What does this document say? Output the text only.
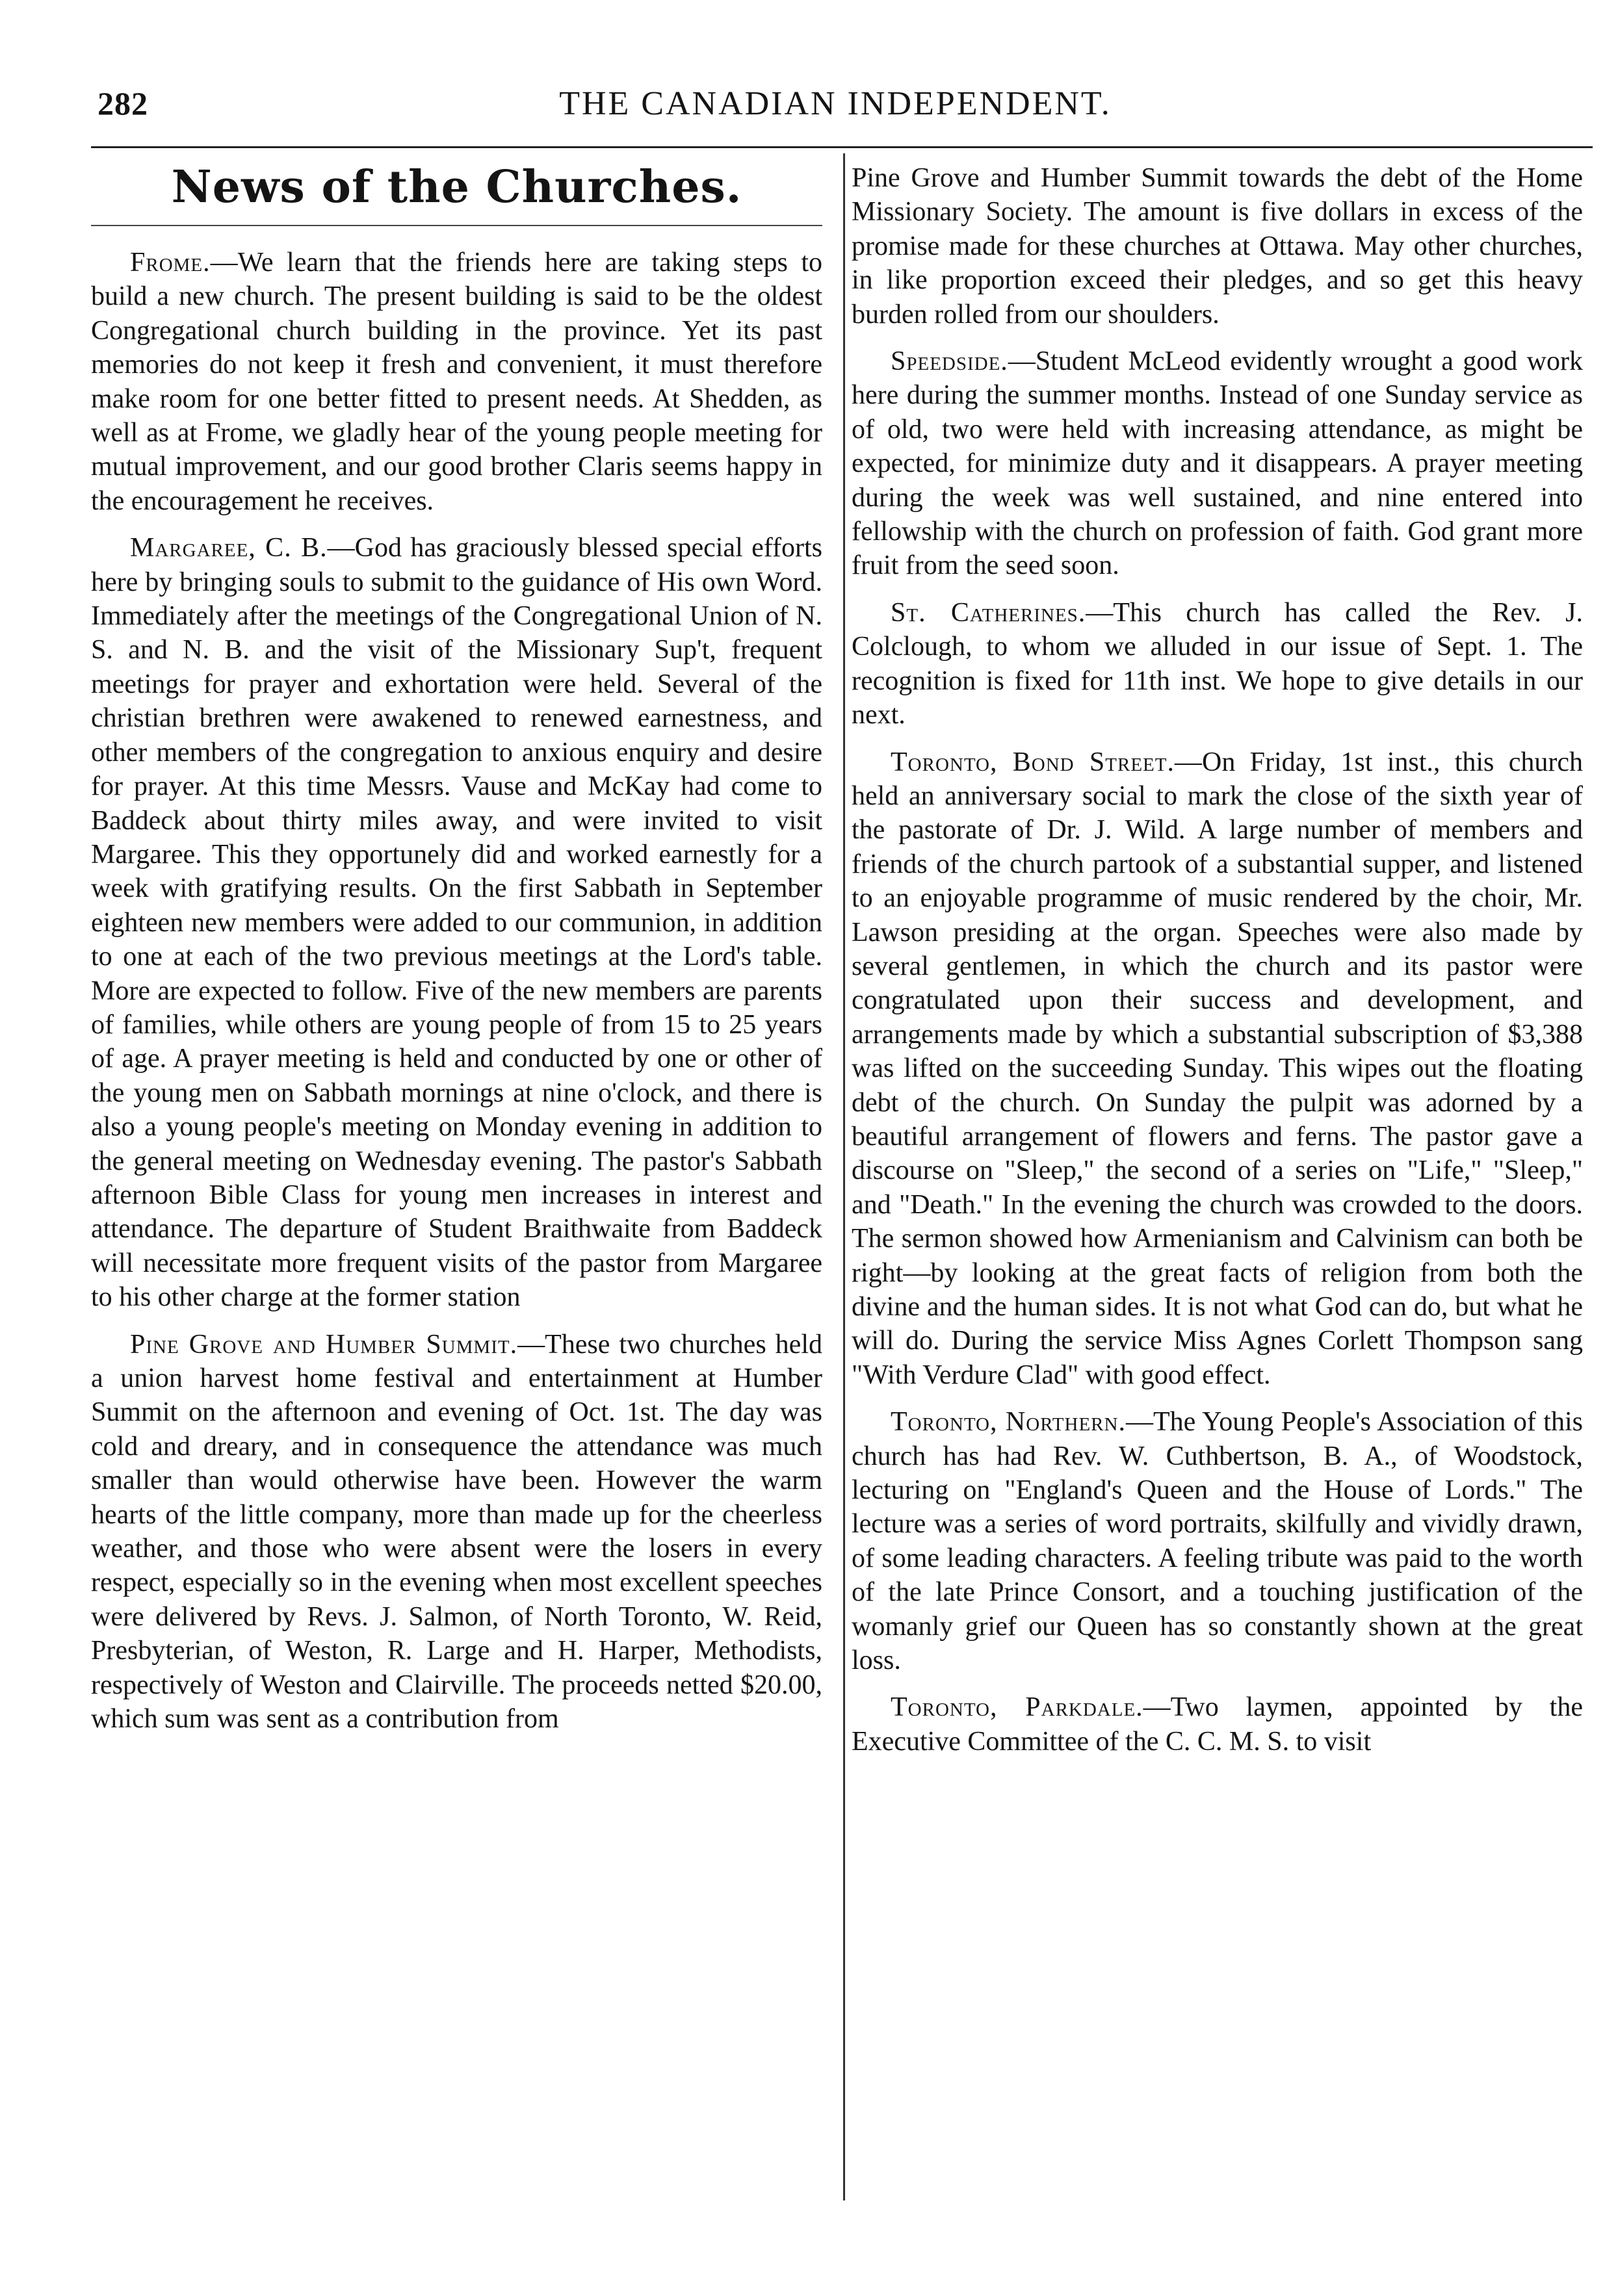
282	THE CANADIAN INDEPENDENT.
News of the Churches.

Frome.—We learn that the friends here are taking steps to build a new church. The present building is said to be the oldest Congregational church building in the province. Yet its past memories do not keep it fresh and convenient, it must therefore make room for one better fitted to present needs. At Shedden, as well as at Frome, we gladly hear of the young people meeting for mutual improvement, and our good brother Claris seems happy in the encouragement he receives.

Margaree, C. B.—God has graciously blessed special efforts here by bringing souls to submit to the guidance of His own Word. Immediately after the meetings of the Congregational Union of N. S. and N. B. and the visit of the Missionary Sup't, frequent meetings for prayer and exhortation were held. Several of the christian brethren were awakened to renewed earnestness, and other members of the congregation to anxious enquiry and desire for prayer. At this time Messrs. Vause and McKay had come to Baddeck about thirty miles away, and were invited to visit Margaree. This they opportunely did and worked earnestly for a week with gratifying results. On the first Sabbath in September eighteen new members were added to our communion, in addition to one at each of the two previous meetings at the Lord's table. More are expected to follow. Five of the new members are parents of families, while others are young people of from 15 to 25 years of age. A prayer meeting is held and conducted by one or other of the young men on Sabbath mornings at nine o'clock, and there is also a young people's meeting on Monday evening in addition to the general meeting on Wednesday evening. The pastor's Sabbath afternoon Bible Class for young men increases in interest and attendance. The departure of Student Braithwaite from Baddeck will necessitate more frequent visits of the pastor from Margaree to his other charge at the former station

Pine Grove and Humber Summit.—These two churches held a union harvest home festival and entertainment at Humber Summit on the afternoon and evening of Oct. 1st. The day was cold and dreary, and in consequence the attendance was much smaller than would otherwise have been. However the warm hearts of the little company, more than made up for the cheerless weather, and those who were absent were the losers in every respect, especially so in the evening when most excellent speeches were delivered by Revs. J. Salmon, of North Toronto, W. Reid, Presbyterian, of Weston, R. Large and H. Harper, Methodists, respectively of Weston and Clairville. The proceeds netted $20.00, which sum was sent as a contribution from

Pine Grove and Humber Summit towards the debt of the Home Missionary Society. The amount is five dollars in excess of the promise made for these churches at Ottawa. May other churches, in like proportion exceed their pledges, and so get this heavy burden rolled from our shoulders.

Speedside.—Student McLeod evidently wrought a good work here during the summer months. Instead of one Sunday service as of old, two were held with increasing attendance, as might be expected, for minimize duty and it disappears. A prayer meeting during the week was well sustained, and nine entered into fellowship with the church on profession of faith. God grant more fruit from the seed soon.

St. Catherines.—This church has called the Rev. J. Colclough, to whom we alluded in our issue of Sept. 1. The recognition is fixed for 11th inst. We hope to give details in our next.

Toronto, Bond Street.—On Friday, 1st inst., this church held an anniversary social to mark the close of the sixth year of the pastorate of Dr. J. Wild. A large number of members and friends of the church partook of a substantial supper, and listened to an enjoyable programme of music rendered by the choir, Mr. Lawson presiding at the organ. Speeches were also made by several gentlemen, in which the church and its pastor were congratulated upon their success and development, and arrangements made by which a substantial subscription of $3,388 was lifted on the succeeding Sunday. This wipes out the floating debt of the church. On Sunday the pulpit was adorned by a beautiful arrangement of flowers and ferns. The pastor gave a discourse on "Sleep," the second of a series on "Life," "Sleep," and "Death." In the evening the church was crowded to the doors. The sermon showed how Armenianism and Calvinism can both be right—by looking at the great facts of religion from both the divine and the human sides. It is not what God can do, but what he will do. During the service Miss Agnes Corlett Thompson sang "With Verdure Clad" with good effect.

Toronto, Northern.—The Young People's Association of this church has had Rev. W. Cuthbertson, B. A., of Woodstock, lecturing on "England's Queen and the House of Lords." The lecture was a series of word portraits, skilfully and vividly drawn, of some leading characters. A feeling tribute was paid to the worth of the late Prince Consort, and a touching justification of the womanly grief our Queen has so constantly shown at the great loss.

Toronto, Parkdale.—Two laymen, appointed by the Executive Committee of the C. C. M. S. to visit
